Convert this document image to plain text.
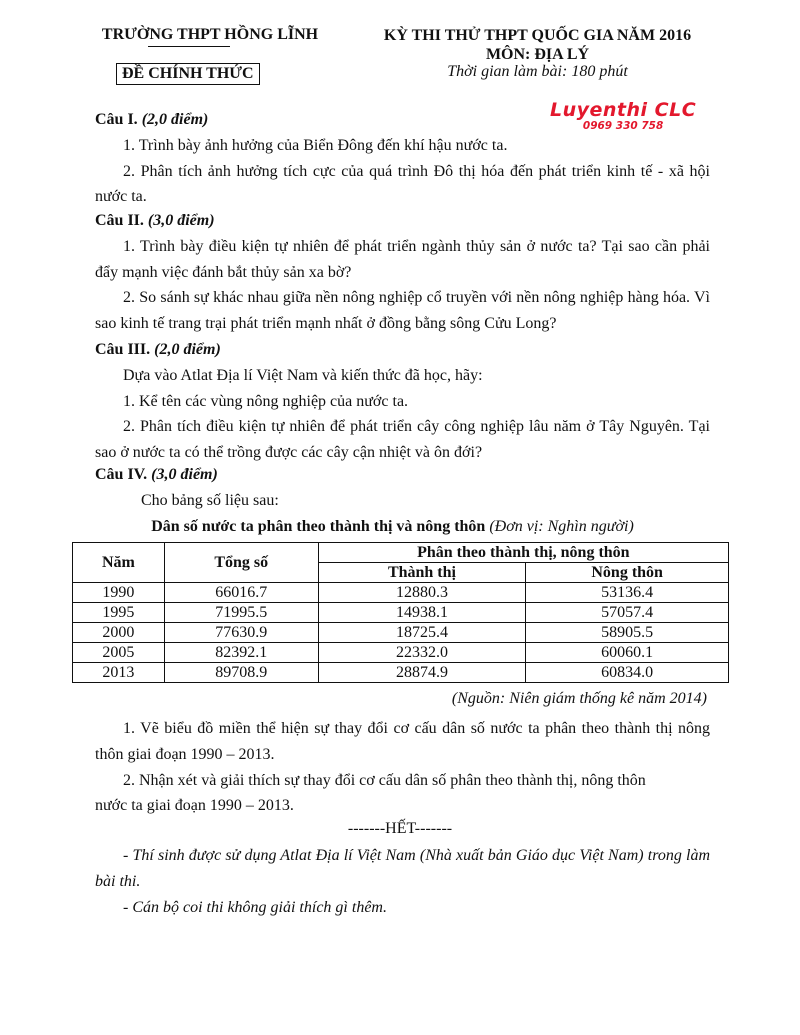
TRƯỜNG THPT HỒNG LĨNH
ĐỀ CHÍNH THỨC
KỲ THI THỬ THPT QUỐC GIA NĂM 2016
MÔN: ĐỊA LÝ
Thời gian làm bài: 180 phút
Luyenthi CLC
0969 330 758
Câu I. (2,0 điểm)
1. Trình bày ảnh hưởng của Biển Đông đến khí hậu nước ta.
2. Phân tích ảnh hưởng tích cực của quá trình Đô thị hóa đến phát triển kinh tế - xã hội nước ta.
Câu II. (3,0 điểm)
1. Trình bày điều kiện tự nhiên để phát triển ngành thủy sản ở nước ta? Tại sao cần phải đẩy mạnh việc đánh bắt thủy sản xa bờ?
2. So sánh sự khác nhau giữa nền nông nghiệp cổ truyền với nền nông nghiệp hàng hóa. Vì sao kinh tế trang trại phát triển mạnh nhất ở đồng bằng sông Cửu Long?
Câu III. (2,0 điểm)
Dựa vào Atlat Địa lí Việt Nam và kiến thức đã học, hãy:
1. Kể tên các vùng nông nghiệp của nước ta.
2. Phân tích điều kiện tự nhiên để phát triển cây công nghiệp lâu năm ở Tây Nguyên. Tại sao ở nước ta có thể trồng được các cây cận nhiệt và ôn đới?
Câu IV. (3,0 điểm)
Cho bảng số liệu sau:
Dân số nước ta phân theo thành thị và nông thôn (Đơn vị: Nghìn người)
Năm	Tổng số	Phân theo thành thị, nông thôn	
		Thành thị	Nông thôn
1990	66016.7	12880.3	53136.4
1995	71995.5	14938.1	57057.4
2000	77630.9	18725.4	58905.5
2005	82392.1	22332.0	60060.1
2013	89708.9	28874.9	60834.0
(Nguồn: Niên giám thống kê năm 2014)
1. Vẽ biểu đồ miền thể hiện sự thay đổi cơ cấu dân số nước ta phân theo thành thị nông thôn giai đoạn 1990 – 2013.
2. Nhận xét và giải thích sự thay đổi cơ cấu dân số phân theo thành thị, nông thôn
nước ta giai đoạn 1990 – 2013.
-------HẾT-------
- Thí sinh được sử dụng Atlat Địa lí Việt Nam (Nhà xuất bản Giáo dục Việt Nam) trong làm bài thi.
- Cán bộ coi thi không giải thích gì thêm.
